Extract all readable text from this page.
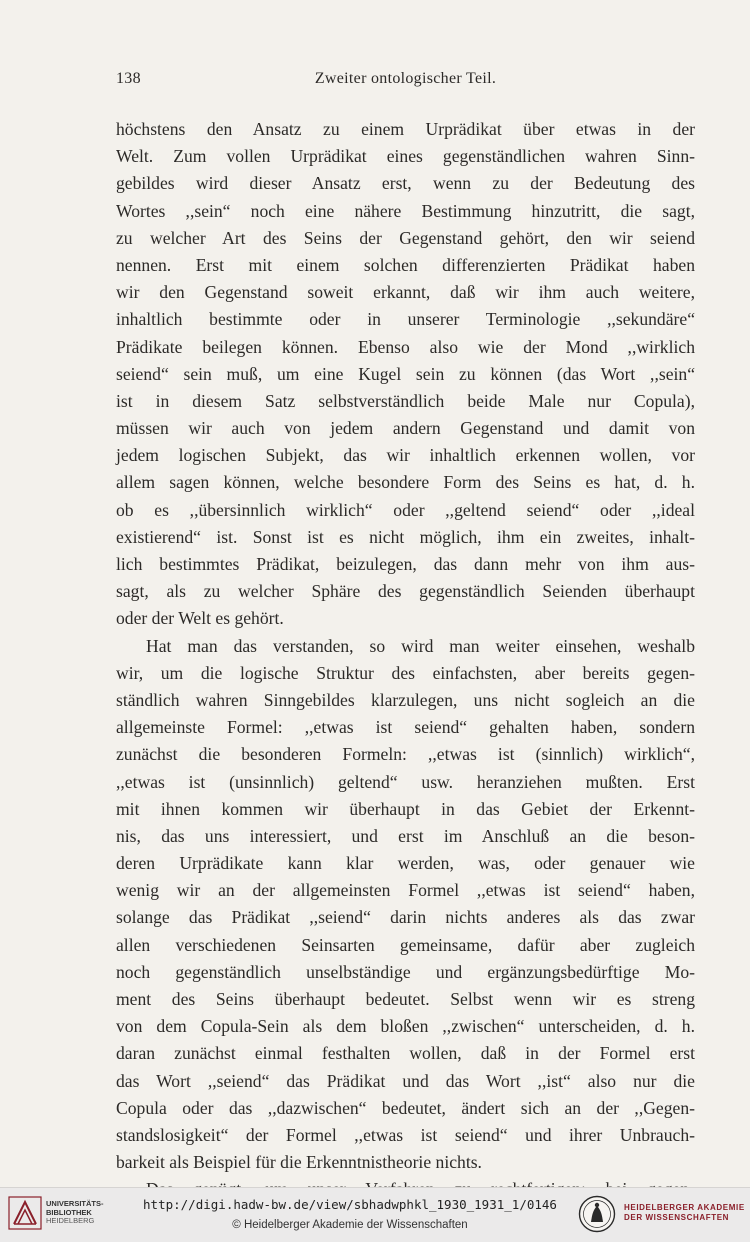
138	Zweiter ontologischer Teil.
höchstens den Ansatz zu einem Urprädikat über etwas in der
Welt. Zum vollen Urprädikat eines gegenständlichen wahren Sinn-
gebildes wird dieser Ansatz erst, wenn zu der Bedeutung des
Wortes ,,sein“ noch eine nähere Bestimmung hinzutritt, die sagt,
zu welcher Art des Seins der Gegenstand gehört, den wir seiend
nennen. Erst mit einem solchen differenzierten Prädikat haben
wir den Gegenstand soweit erkannt, daß wir ihm auch weitere,
inhaltlich bestimmte oder in unserer Terminologie ,,sekundäre“
Prädikate beilegen können. Ebenso also wie der Mond ,,wirklich
seiend“ sein muß, um eine Kugel sein zu können (das Wort ,,sein“
ist in diesem Satz selbstverständlich beide Male nur Copula),
müssen wir auch von jedem andern Gegenstand und damit von
jedem logischen Subjekt, das wir inhaltlich erkennen wollen, vor
allem sagen können, welche besondere Form des Seins es hat, d. h.
ob es ,,übersinnlich wirklich“ oder ,,geltend seiend“ oder ,,ideal
existierend“ ist. Sonst ist es nicht möglich, ihm ein zweites, inhalt-
lich bestimmtes Prädikat, beizulegen, das dann mehr von ihm aus-
sagt, als zu welcher Sphäre des gegenständlich Seienden überhaupt
oder der Welt es gehört.
Hat man das verstanden, so wird man weiter einsehen, weshalb
wir, um die logische Struktur des einfachsten, aber bereits gegen-
ständlich wahren Sinngebildes klarzulegen, uns nicht sogleich an die
allgemeinste Formel: ,,etwas ist seiend“ gehalten haben, sondern
zunächst die besonderen Formeln: ,,etwas ist (sinnlich) wirklich“,
,,etwas ist (unsinnlich) geltend“ usw. heranziehen mußten. Erst
mit ihnen kommen wir überhaupt in das Gebiet der Erkennt-
nis, das uns interessiert, und erst im Anschluß an die beson-
deren Urprädikate kann klar werden, was, oder genauer wie
wenig wir an der allgemeinsten Formel ,,etwas ist seiend“ haben,
solange das Prädikat ,,seiend“ darin nichts anderes als das zwar
allen verschiedenen Seinsarten gemeinsame, dafür aber zugleich
noch gegenständlich unselbständige und ergänzungsbedürftige Mo-
ment des Seins überhaupt bedeutet. Selbst wenn wir es streng
von dem Copula-Sein als dem bloßen ,,zwischen“ unterscheiden, d. h.
daran zunächst einmal festhalten wollen, daß in der Formel erst
das Wort ,,seiend“ das Prädikat und das Wort ,,ist“ also nur die
Copula oder das ,,dazwischen“ bedeutet, ändert sich an der ,,Gegen-
standslosigkeit“ der Formel ,,etwas ist seiend“ und ihrer Unbrauch-
barkeit als Beispiel für die Erkenntnistheorie nichts.
UNIVERSITÄTS-
BIBLIOTHEK
HEIDELBERG
http://digi.hadw-bw.de/view/sbhadwphkl_1930_1931_1/0146
© Heidelberger Akademie der Wissenschaften
HEIDELBERGER AKADEMIE
DER WISSENSCHAFTEN
